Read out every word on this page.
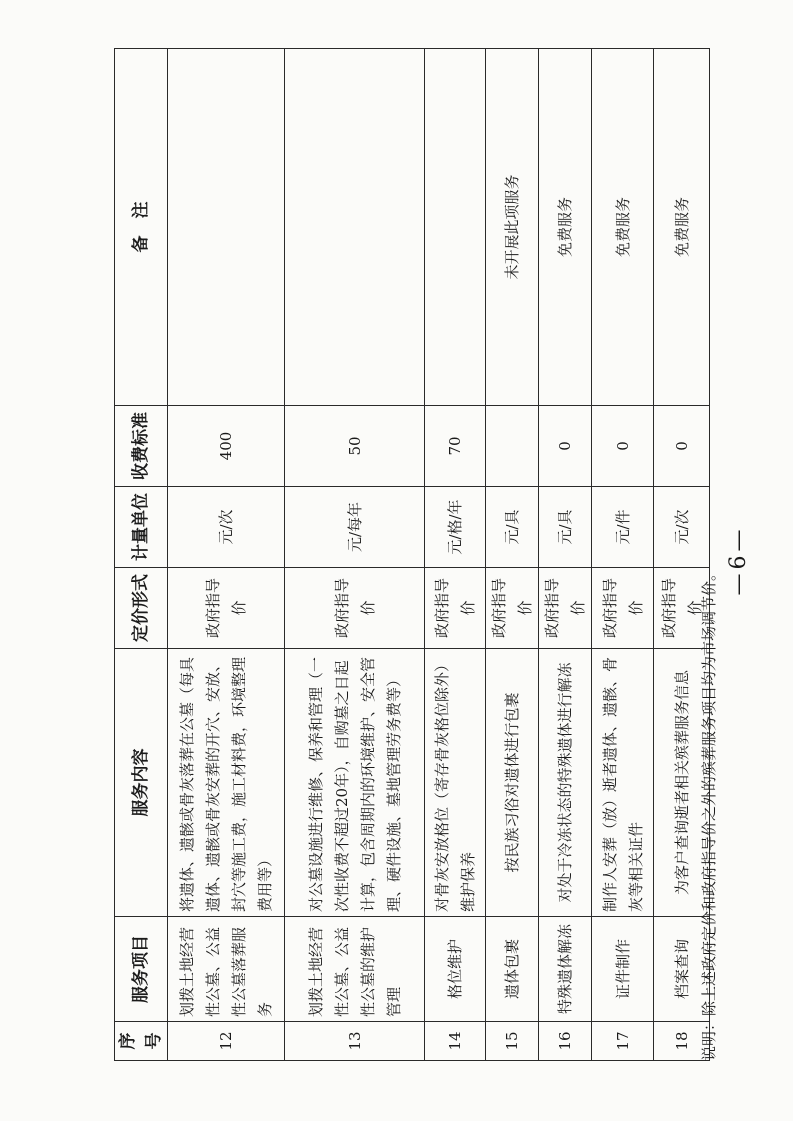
序号	服务项目	服务内容	定价形式	计量单位	收费标准	备　注
12	划拨土地经营性公墓、公益性公墓落葬服务	将遗体、遗骸或骨灰落葬在公墓（每具遗体、遗骸或骨灰安葬的开穴、安放、封穴等施工费，施工材料费，环境整理费用等）	政府指导价	元/次	400	
13	划拨土地经营性公墓、公益性公墓的维护管理	对公墓设施进行维修、保养和管理（一次性收费不超过20年），自购墓之日起计算，包含周期内的环境维护、安全管理、硬件设施、墓地管理劳务费等）	政府指导价	元/每年	50	
14	格位维护	对骨灰安放格位（寄存骨灰格位除外）维护保养	政府指导价	元/格/年	70	
15	遗体包裹	按民族习俗对遗体进行包裹	政府指导价	元/具		未开展此项服务
16	特殊遗体解冻	对处于冷冻状态的特殊遗体进行解冻	政府指导价	元/具	0	免费服务
17	证件制作	制作人安葬（放）逝者遗体、遗骸、骨灰等相关证件	政府指导价	元/件	0	免费服务
18	档案查询	为客户查询逝者相关殡葬服务信息	政府指导价	元/次	0	免费服务
说明：除上述政府定价和政府指导价之外的殡葬服务项目均为市场调节价。
—6—
